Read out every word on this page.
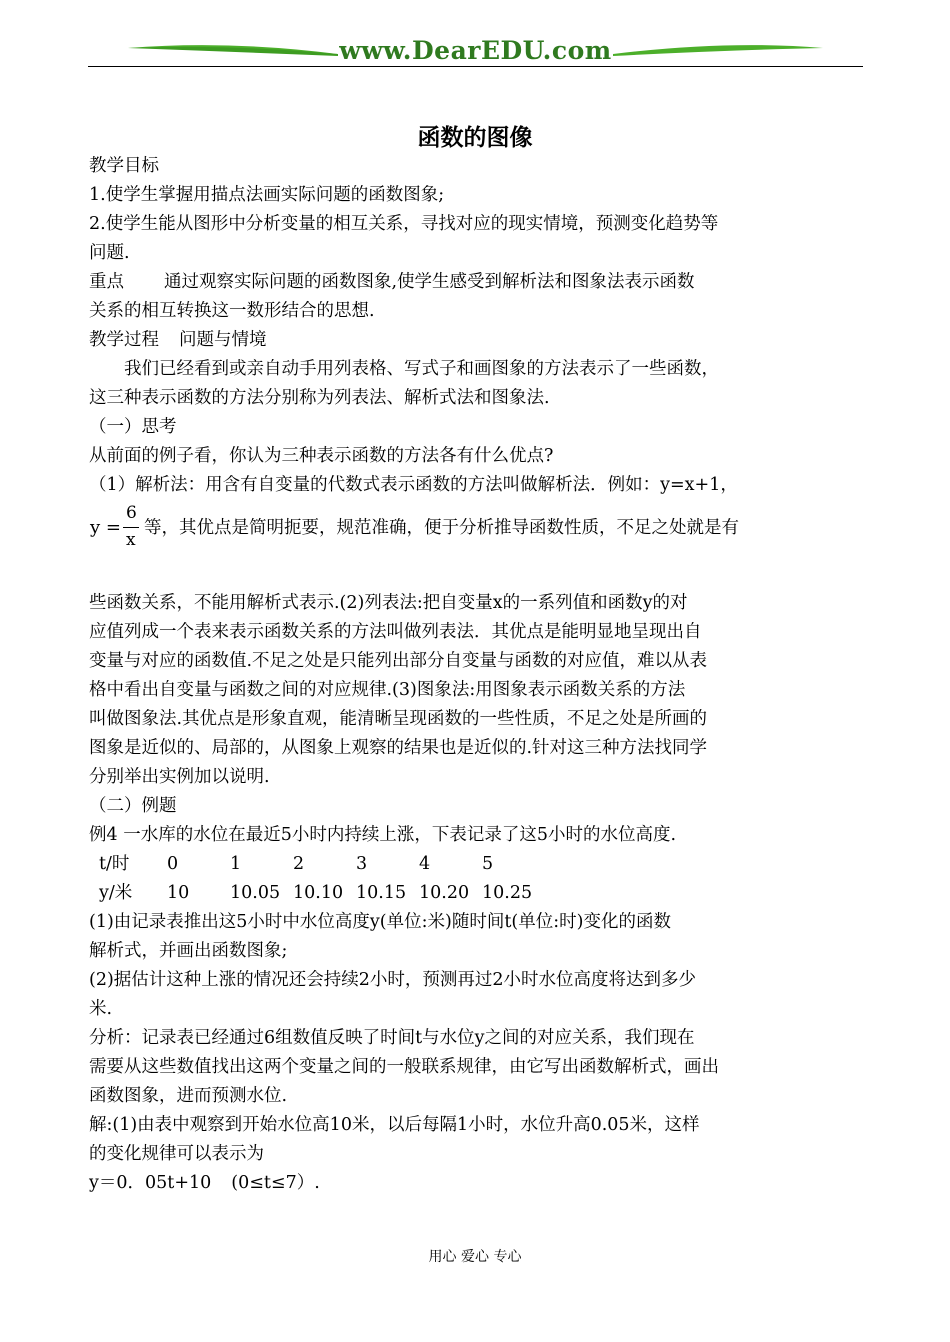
www.DearEDU.com
函数的图像
教学目标
1.使学生掌握用描点法画实际问题的函数图象;
2.使学生能从图形中分析变量的相互关系，寻找对应的现实情境，预测变化趋势等
问题.
重点 通过观察实际问题的函数图象,使学生感受到解析法和图象法表示函数
关系的相互转换这一数形结合的思想.
教学过程 问题与情境
我们已经看到或亲自动手用列表格、写式子和画图象的方法表示了一些函数，
这三种表示函数的方法分别称为列表法、解析式法和图象法.
（一）思考
从前面的例子看，你认为三种表示函数的方法各有什么优点?
（1）解析法：用含有自变量的代数式表示函数的方法叫做解析法．例如：y=x+1，
y =
6
x
等，其优点是简明扼要，规范准确，便于分析推导函数性质，不足之处就是有
些函数关系，不能用解析式表示.(2)列表法:把自变量x的一系列值和函数y的对
应值列成一个表来表示函数关系的方法叫做列表法．其优点是能明显地呈现出自
变量与对应的函数值.不足之处是只能列出部分自变量与函数的对应值，难以从表
格中看出自变量与函数之间的对应规律.(3)图象法:用图象表示函数关系的方法
叫做图象法.其优点是形象直观，能清晰呈现函数的一些性质，不足之处是所画的
图象是近似的、局部的，从图象上观察的结果也是近似的.针对这三种方法找同学
分别举出实例加以说明.
（二）例题
例4 一水库的水位在最近5小时内持续上涨，下表记录了这5小时的水位高度.
t/时	0	1	2	3	4	5
y/米	10	10.05 10.10 10.15 10.20 10.25
(1)由记录表推出这5小时中水位高度y(单位:米)随时间t(单位:时)变化的函数
解析式，并画出函数图象;
(2)据估计这种上涨的情况还会持续2小时，预测再过2小时水位高度将达到多少
米.
分析：记录表已经通过6组数值反映了时间t与水位y之间的对应关系，我们现在
需要从这些数值找出这两个变量之间的一般联系规律，由它写出函数解析式，画出
函数图象，进而预测水位.
解:(1)由表中观察到开始水位高10米，以后每隔1小时，水位升高0.05米，这样
的变化规律可以表示为
y＝0．05t+10 (0≤t≤7）.
用心 爱心 专心
